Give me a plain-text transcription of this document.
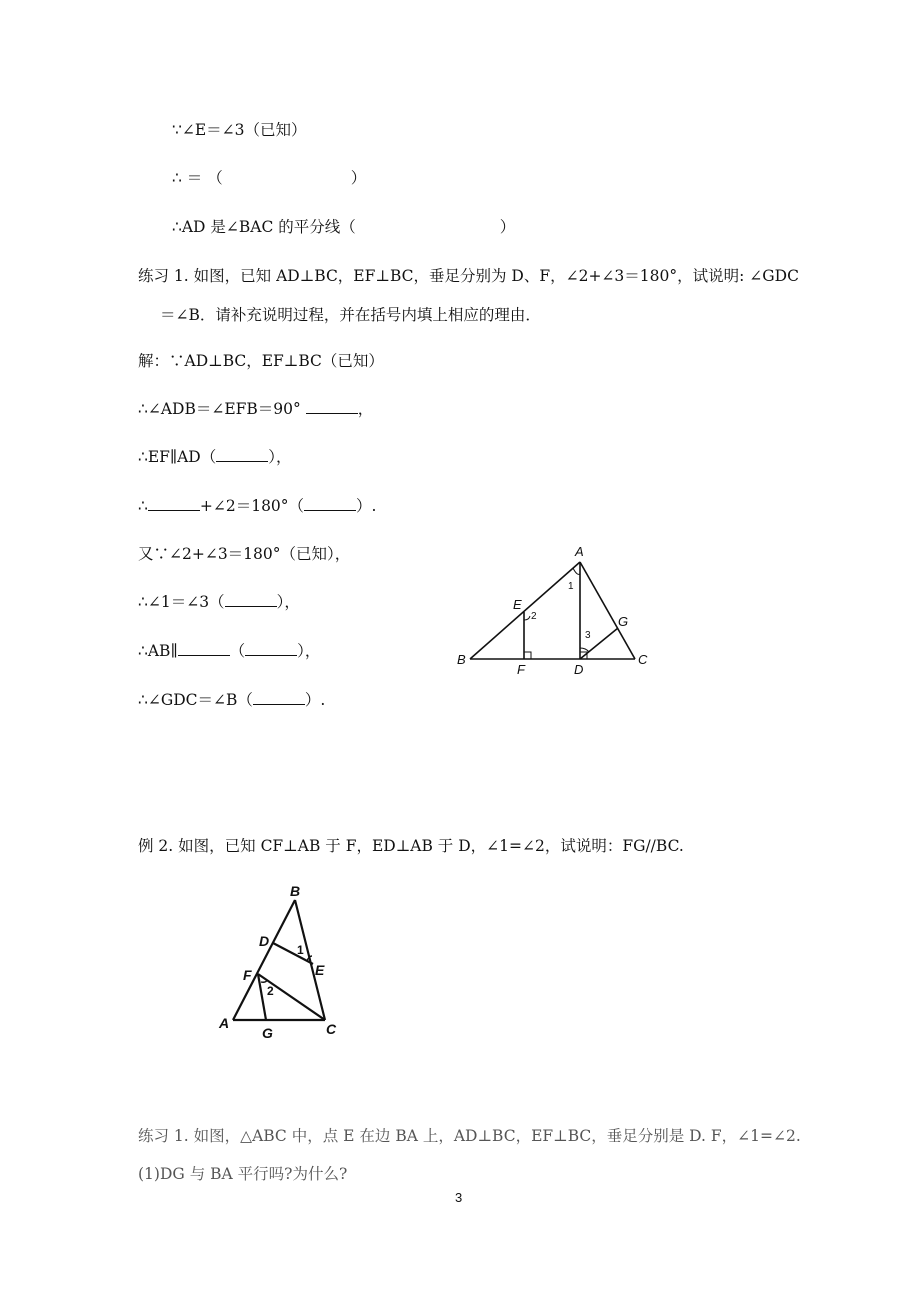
∵∠E＝∠3（已知）
∴ ＝ （	）
∴AD 是∠BAC 的平分线（	）
练习 1. 如图，已知 AD⊥BC，EF⊥BC，垂足分别为 D、F，∠2+∠3＝180°，试说明: ∠GDC
＝∠B．请补充说明过程，并在括号内填上相应的理由．
解：∵AD⊥BC，EF⊥BC（已知）
∴∠ADB＝∠EFB＝90°	，
∴EF∥AD（	），
∴	+∠2＝180°（	）.
又∵∠2+∠3＝180°（已知），
∴∠1＝∠3（	），
∴AB∥	（	），
∴∠GDC＝∠B（	）.
A
B	C
D
E
F
G
1
2
3
例 2. 如图，已知 CF⊥AB 于 F，ED⊥AB 于 D，∠1=∠2，试说明：FG//BC.
B
D
E
F
A
G	C
1
2
练习 1. 如图，△ABC 中，点 E 在边 BA 上，AD⊥BC，EF⊥BC，垂足分别是 D. F，∠1=∠2.
(1)DG 与 BA 平行吗?为什么?
3
